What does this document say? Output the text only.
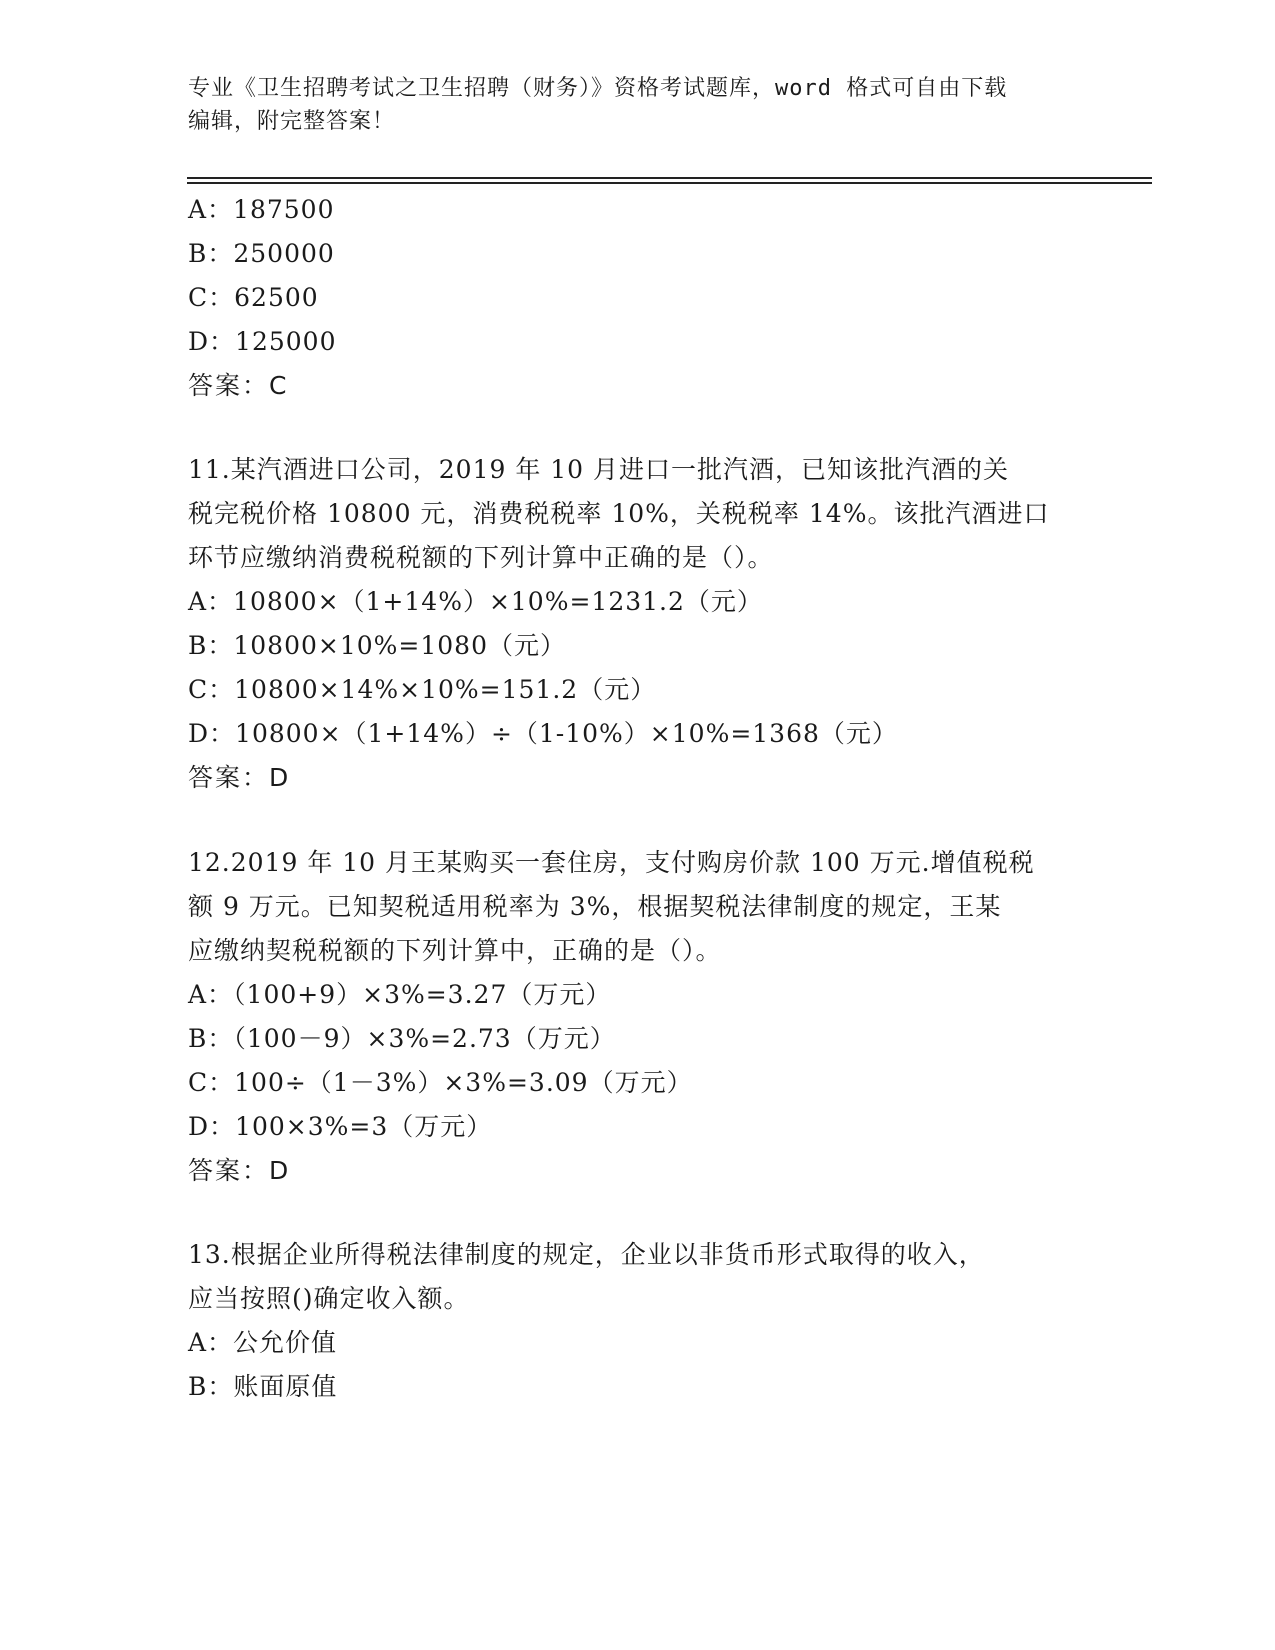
专业《卫生招聘考试之卫生招聘（财务）》资格考试题库，word 格式可自由下载
编辑，附完整答案！
A：187500
B：250000
C：62500
D：125000
答案：C
11.某汽酒进口公司，2019 年 10 月进口一批汽酒，已知该批汽酒的关
税完税价格 10800 元，消费税税率 10%，关税税率 14%。该批汽酒进口
环节应缴纳消费税税额的下列计算中正确的是（）。
A：10800×（1+14%）×10%=1231.2（元）
B：10800×10%=1080（元）
C：10800×14%×10%=151.2（元）
D：10800×（1+14%）÷（1-10%）×10%=1368（元）
答案：D
12.2019 年 10 月王某购买一套住房，支付购房价款 100 万元.增值税税
额 9 万元。已知契税适用税率为 3%，根据契税法律制度的规定，王某
应缴纳契税税额的下列计算中，正确的是（）。
A：（100+9）×3%=3.27（万元）
B：（100－9）×3%=2.73（万元）
C：100÷（1－3%）×3%=3.09（万元）
D：100×3%=3（万元）
答案：D
13.根据企业所得税法律制度的规定，企业以非货币形式取得的收入，
应当按照()确定收入额。
A：公允价值
B：账面原值
